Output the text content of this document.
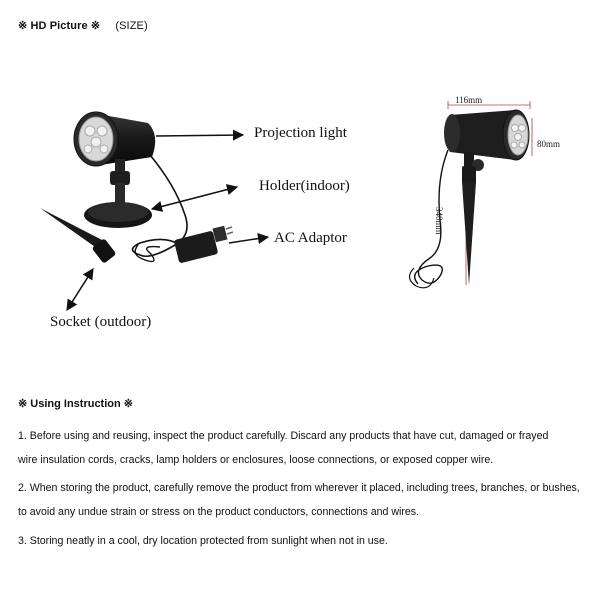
※ HD Picture ※ (SIZE)
Projection light
Holder(indoor)
AC Adaptor
Socket (outdoor)
116mm
80mm
340mm
※ Using Instruction ※
1. Before using and reusing, inspect the product carefully. Discard any products that have cut, damaged or frayed
wire insulation cords, cracks, lamp holders or enclosures, loose connections, or exposed copper wire.
2. When storing the product, carefully remove the product from wherever it placed, including trees, branches, or bushes,
to avoid any undue strain or stress on the product conductors, connections and wires.
3. Storing neatly in a cool, dry location protected from sunlight when not in use.
